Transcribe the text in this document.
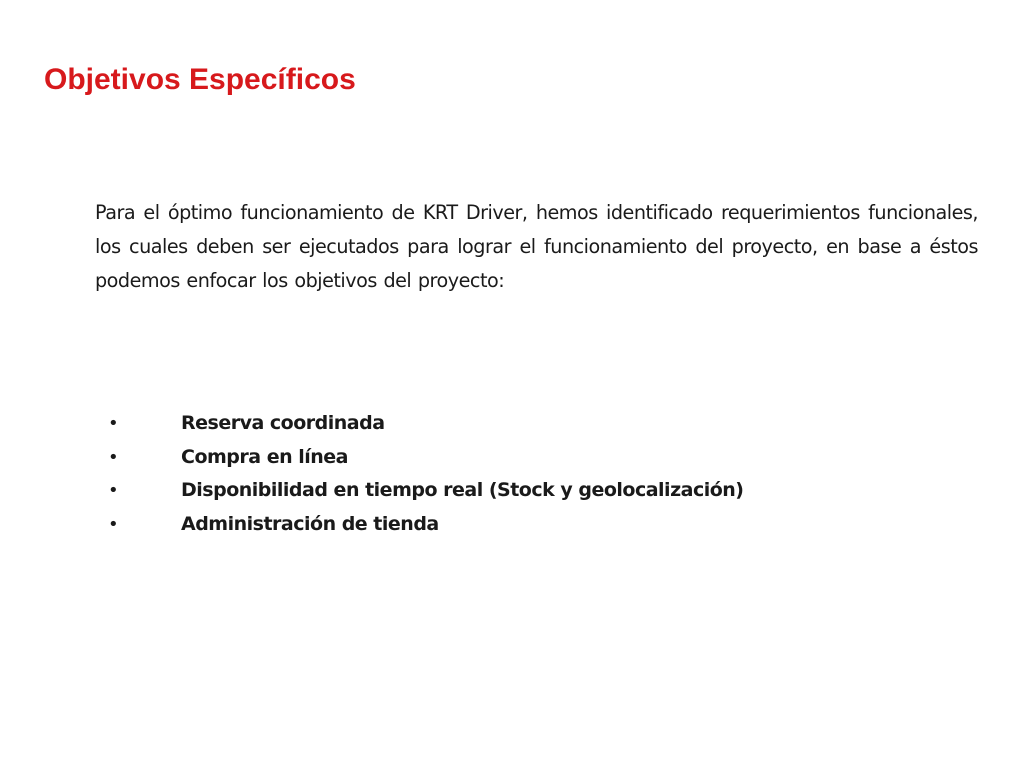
Objetivos Específicos

Para el óptimo funcionamiento de KRT Driver, hemos identificado requerimientos funcionales, los cuales deben ser ejecutados para lograr el funcionamiento del proyecto, en base a éstos podemos enfocar los objetivos del proyecto:

•	Reserva coordinada
•	Compra en línea
•	Disponibilidad en tiempo real (Stock y geolocalización)
•	Administración de tienda
